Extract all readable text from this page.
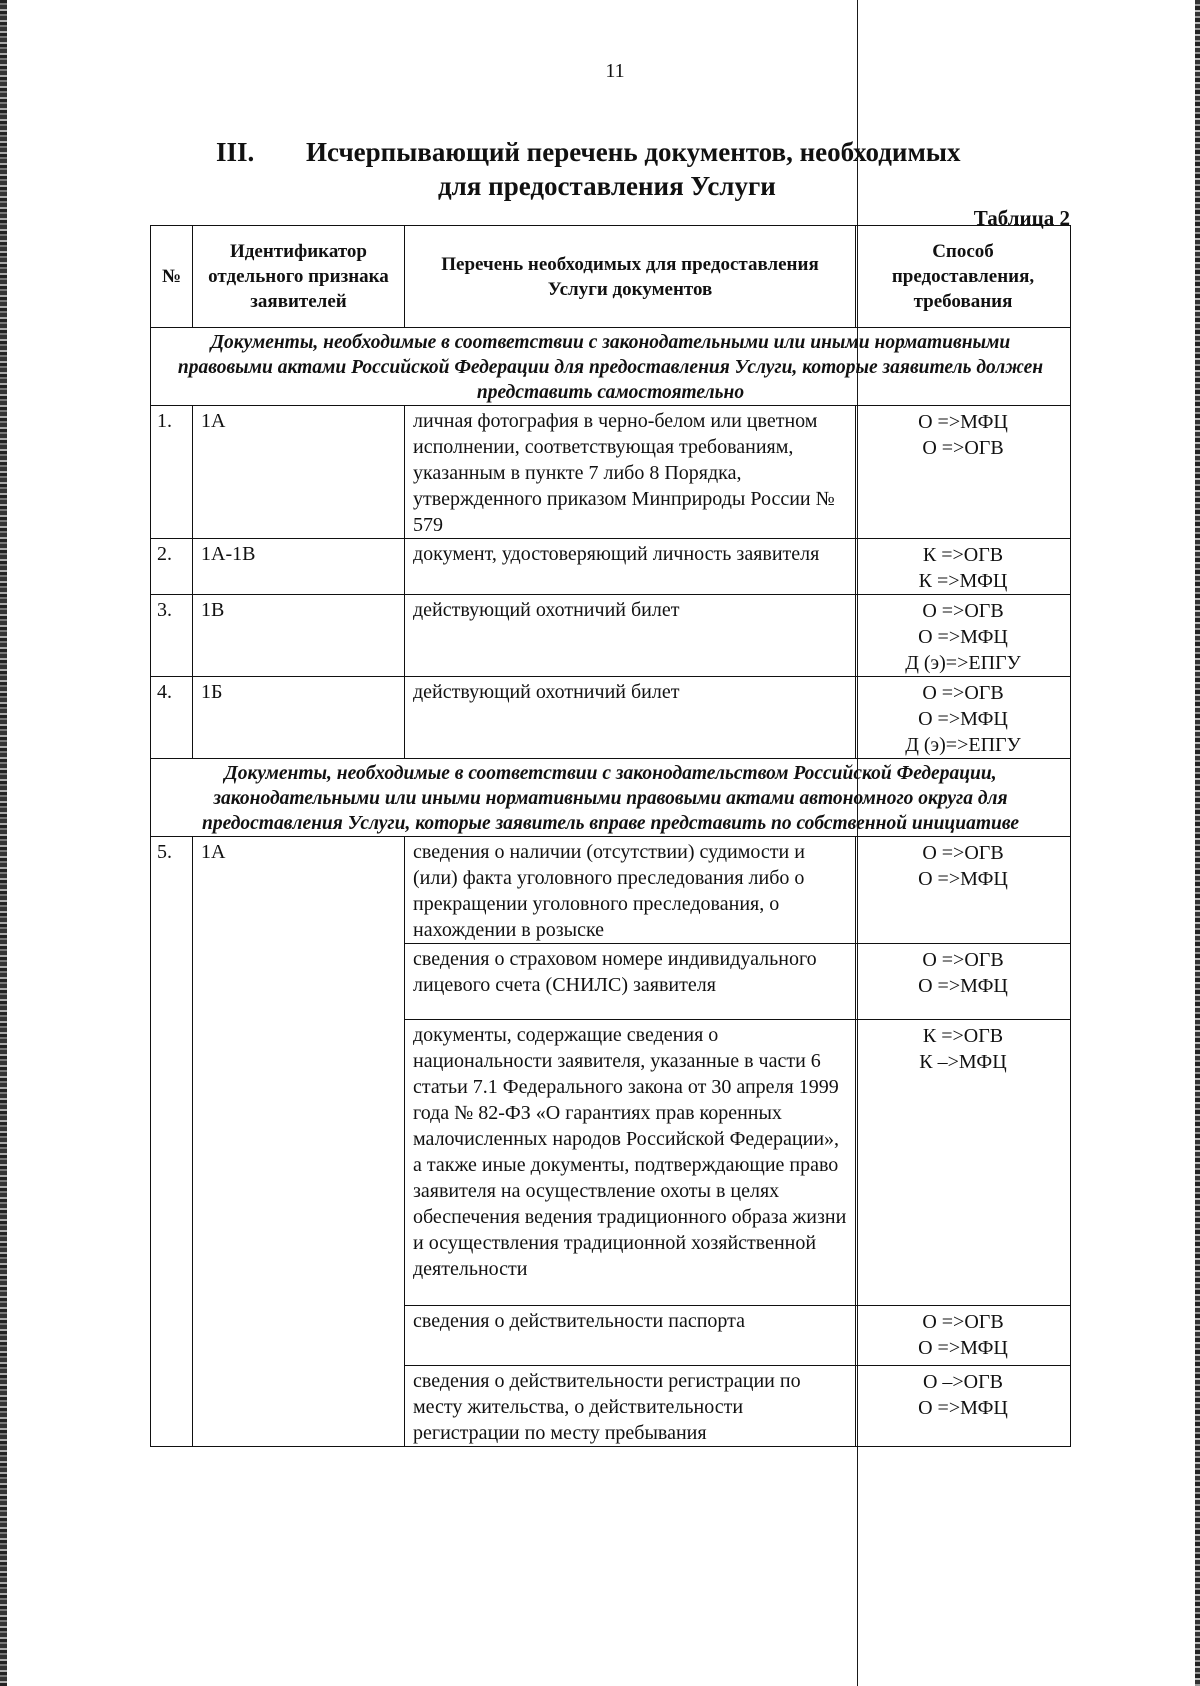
11
III. Исчерпывающий перечень документов, необходимых
для предоставления Услуги
Таблица 2
№	Идентификатор отдельного признака заявителей	Перечень необходимых для предоставления Услуги документов	Способ предоставления, требования
Документы, необходимые в соответствии с законодательными или иными нормативными правовыми актами Российской Федерации для предоставления Услуги, которые заявитель должен представить самостоятельно			
1.	1А	личная фотография в черно-белом или цветном исполнении, соответствующая требованиям, указанным в пункте 7 либо 8 Порядка, утвержденного приказом Минприроды России № 579	О =>МФЦ
О =>ОГВ

2.	1А-1В	документ, удостоверяющий личность заявителя	К =>ОГВ
К =>МФЦ

3.	1В	действующий охотничий билет	О =>ОГВ
О =>МФЦ
Д (э)=>ЕПГУ

4.	1Б	действующий охотничий билет	О =>ОГВ
О =>МФЦ
Д (э)=>ЕПГУ

Документы, необходимые в соответствии с законодательством Российской Федерации, законодательными или иными нормативными правовыми актами автономного округа для предоставления Услуги, которые заявитель вправе представить по собственной инициативе			
5.	1А	сведения о наличии (отсутствии) судимости и (или) факта уголовного преследования либо о прекращении уголовного преследования, о нахождении в розыске	О =>ОГВ
О =>МФЦ

		сведения о страховом номере индивидуального лицевого счета (СНИЛС) заявителя	О =>ОГВ
О =>МФЦ

		документы, содержащие сведения о национальности заявителя, указанные в части 6 статьи 7.1 Федерального закона от 30 апреля 1999 года № 82-ФЗ «О гарантиях прав коренных малочисленных народов Российской Федерации», а также иные документы, подтверждающие право заявителя на осуществление охоты в целях обеспечения ведения традиционного образа жизни и осуществления традиционной хозяйственной деятельности	К =>ОГВ
К –>МФЦ

		сведения о действительности паспорта	О =>ОГВ
О =>МФЦ

		сведения о действительности регистрации по месту жительства, о действительности регистрации по месту пребывания	О –>ОГВ
О =>МФЦ
